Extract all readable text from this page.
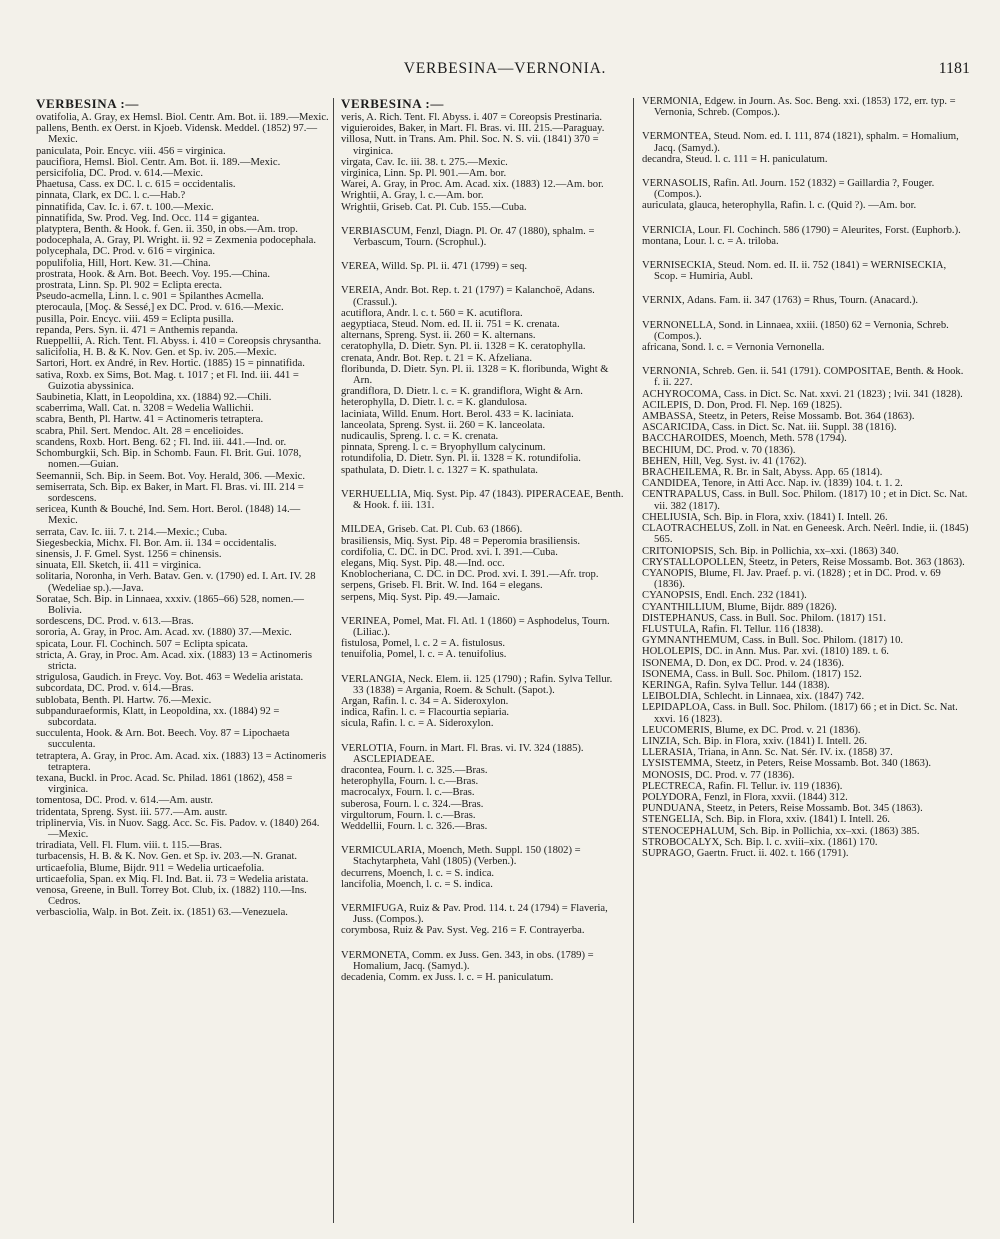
VERBESINA—VERNONIA.	1181
VERBESINA :—
ovatifolia, A. Gray, ex Hemsl. Biol. Centr. Am. Bot. ii. 189.—Mexic.
pallens, Benth. ex Oerst. in Kjoeb. Vidensk. Meddel. (1852) 97.—Mexic.
paniculata, Poir. Encyc. viii. 456 = virginica.
paucifiora, Hemsl. Biol. Centr. Am. Bot. ii. 189.—Mexic.
persicifolia, DC. Prod. v. 614.—Mexic.
Phaetusa, Cass. ex DC. l. c. 615 = occidentalis.
pinnata, Clark, ex DC. l. c.—Hab.?
pinnatifida, Cav. Ic. i. 67. t. 100.—Mexic.
pinnatifida, Sw. Prod. Veg. Ind. Occ. 114 = gigantea.
platyptera, Benth. & Hook. f. Gen. ii. 350, in obs.—Am. trop.
podocephala, A. Gray, Pl. Wright. ii. 92 = Zexmenia podocephala.
polycephala, DC. Prod. v. 616 = virginica.
populifolia, Hill, Hort. Kew. 31.—China.
prostrata, Hook. & Arn. Bot. Beech. Voy. 195.—China.
prostrata, Linn. Sp. Pl. 902 = Eclipta erecta.
Pseudo-acmella, Linn. l. c. 901 = Spilanthes Acmella.
pterocaula, [Moç. & Sessé,] ex DC. Prod. v. 616.—Mexic.
pusilla, Poir. Encyc. viii. 459 = Eclipta pusilla.
repanda, Pers. Syn. ii. 471 = Anthemis repanda.
Rueppellii, A. Rich. Tent. Fl. Abyss. i. 410 = Coreopsis chrysantha.
salicifolia, H. B. & K. Nov. Gen. et Sp. iv. 205.—Mexic.
Sartori, Hort. ex André, in Rev. Hortic. (1885) 15 = pinnatifida.
sativa, Roxb. ex Sims, Bot. Mag. t. 1017 ; et Fl. Ind. iii. 441 = Guizotia abyssinica.
Saubinetia, Klatt, in Leopoldina, xx. (1884) 92.—Chili.
scaberrima, Wall. Cat. n. 3208 = Wedelia Wallichii.
scabra, Benth, Pl. Hartw. 41 = Actinomeris tetraptera.
scabra, Phil. Sert. Mendoc. Alt. 28 = encelioides.
scandens, Roxb. Hort. Beng. 62 ; Fl. Ind. iii. 441.—Ind. or.
Schomburgkii, Sch. Bip. in Schomb. Faun. Fl. Brit. Gui. 1078, nomen.—Guian.
Seemannii, Sch. Bip. in Seem. Bot. Voy. Herald, 306. —Mexic.
semiserrata, Sch. Bip. ex Baker, in Mart. Fl. Bras. vi. III. 214 = sordescens.
sericea, Kunth & Bouché, Ind. Sem. Hort. Berol. (1848) 14.—Mexic.
serrata, Cav. Ic. iii. 7. t. 214.—Mexic.; Cuba.
Siegesbeckia, Michx. Fl. Bor. Am. ii. 134 = occidentalis.
sinensis, J. F. Gmel. Syst. 1256 = chinensis.
sinuata, Ell. Sketch, ii. 411 = virginica.
solitaria, Noronha, in Verh. Batav. Gen. v. (1790) ed. I. Art. IV. 28 (Wedeliae sp.).—Java.
Soratae, Sch. Bip. in Linnaea, xxxiv. (1865–66) 528, nomen.—Bolivia.
sordescens, DC. Prod. v. 613.—Bras.
sororia, A. Gray, in Proc. Am. Acad. xv. (1880) 37.—Mexic.
spicata, Lour. Fl. Cochinch. 507 = Eclipta spicata.
stricta, A. Gray, in Proc. Am. Acad. xix. (1883) 13 = Actinomeris stricta.
strigulosa, Gaudich. in Freyc. Voy. Bot. 463 = Wedelia aristata.
subcordata, DC. Prod. v. 614.—Bras.
sublobata, Benth. Pl. Hartw. 76.—Mexic.
subpanduraeformis, Klatt, in Leopoldina, xx. (1884) 92 = subcordata.
succulenta, Hook. & Arn. Bot. Beech. Voy. 87 = Lipochaeta succulenta.
tetraptera, A. Gray, in Proc. Am. Acad. xix. (1883) 13 = Actinomeris tetraptera.
texana, Buckl. in Proc. Acad. Sc. Philad. 1861 (1862), 458 = virginica.
tomentosa, DC. Prod. v. 614.—Am. austr.
tridentata, Spreng. Syst. iii. 577.—Am. austr.
triplinervia, Vis. in Nuov. Sagg. Acc. Sc. Fis. Padov. v. (1840) 264.—Mexic.
triradiata, Vell. Fl. Flum. viii. t. 115.—Bras.
turbacensis, H. B. & K. Nov. Gen. et Sp. iv. 203.—N. Granat.
urticaefolia, Blume, Bijdr. 911 = Wedelia urticaefolia.
urticaefolia, Span. ex Miq. Fl. Ind. Bat. ii. 73 = Wedelia aristata.
venosa, Greene, in Bull. Torrey Bot. Club, ix. (1882) 110.—Ins. Cedros.
verbasciolia, Walp. in Bot. Zeit. ix. (1851) 63.—Venezuela.
VERBESINA :—
veris, A. Rich. Tent. Fl. Abyss. i. 407 = Coreopsis Prestinaria.
viguieroides, Baker, in Mart. Fl. Bras. vi. III. 215.—Paraguay.
villosa, Nutt. in Trans. Am. Phil. Soc. N. S. vii. (1841) 370 = virginica.
virgata, Cav. Ic. iii. 38. t. 275.—Mexic.
virginica, Linn. Sp. Pl. 901.—Am. bor.
Warei, A. Gray, in Proc. Am. Acad. xix. (1883) 12.—Am. bor.
Wrightii, A. Gray, l. c.—Am. bor.
Wrightii, Griseb. Cat. Pl. Cub. 155.—Cuba.
VERBIASCUM, Fenzl, Diagn. Pl. Or. 47 (1880), sphalm. = Verbascum, Tourn. (Scrophul.).
VEREA, Willd. Sp. Pl. ii. 471 (1799) = seq.
VEREIA, Andr. Bot. Rep. t. 21 (1797) = Kalanchoë, Adans. (Crassul.).
acutiflora, Andr. l. c. t. 560 = K. acutiflora.
aegyptiaca, Steud. Nom. ed. II. ii. 751 = K. crenata.
alternans, Spreng. Syst. ii. 260 = K. alternans.
ceratophylla, D. Dietr. Syn. Pl. ii. 1328 = K. ceratophylla.
crenata, Andr. Bot. Rep. t. 21 = K. Afzeliana.
floribunda, D. Dietr. Syn. Pl. ii. 1328 = K. floribunda, Wight & Arn.
grandiflora, D. Dietr. l. c. = K. grandiflora, Wight & Arn.
heterophylla, D. Dietr. l. c. = K. glandulosa.
laciniata, Willd. Enum. Hort. Berol. 433 = K. laciniata.
lanceolata, Spreng. Syst. ii. 260 = K. lanceolata.
nudicaulis, Spreng. l. c. = K. crenata.
pinnata, Spreng. l. c. = Bryophyllum calycinum.
rotundifolia, D. Dietr. Syn. Pl. ii. 1328 = K. rotundifolia.
spathulata, D. Dietr. l. c. 1327 = K. spathulata.
VERHUELLIA, Miq. Syst. Pip. 47 (1843). PIPERACEAE, Benth. & Hook. f. iii. 131.
MILDEA, Griseb. Cat. Pl. Cub. 63 (1866).
brasiliensis, Miq. Syst. Pip. 48 = Peperomia brasiliensis.
cordifolia, C. DC. in DC. Prod. xvi. I. 391.—Cuba.
elegans, Miq. Syst. Pip. 48.—Ind. occ.
Knoblocheriana, C. DC. in DC. Prod. xvi. I. 391.—Afr. trop.
serpens, Griseb. Fl. Brit. W. Ind. 164 = elegans.
serpens, Miq. Syst. Pip. 49.—Jamaic.
VERINEA, Pomel, Mat. Fl. Atl. 1 (1860) = Asphodelus, Tourn. (Liliac.).
fistulosa, Pomel, l. c. 2 = A. fistulosus.
tenuifolia, Pomel, l. c. = A. tenuifolius.
VERLANGIA, Neck. Elem. ii. 125 (1790) ; Rafin. Sylva Tellur. 33 (1838) = Argania, Roem. & Schult. (Sapot.).
Argan, Rafin. l. c. 34 = A. Sideroxylon.
indica, Rafin. l. c. = Flacourtia sepiaria.
sicula, Rafin. l. c. = A. Sideroxylon.
VERLOTIA, Fourn. in Mart. Fl. Bras. vi. IV. 324 (1885). ASCLEPIADEAE.
dracontea, Fourn. l. c. 325.—Bras.
heterophylla, Fourn. l. c.—Bras.
macrocalyx, Fourn. l. c.—Bras.
suberosa, Fourn. l. c. 324.—Bras.
virgultorum, Fourn. l. c.—Bras.
Weddellii, Fourn. l. c. 326.—Bras.
VERMICULARIA, Moench, Meth. Suppl. 150 (1802) = Stachytarpheta, Vahl (1805) (Verben.).
decurrens, Moench, l. c. = S. indica.
lancifolia, Moench, l. c. = S. indica.
VERMIFUGA, Ruiz & Pav. Prod. 114. t. 24 (1794) = Flaveria, Juss. (Compos.).
corymbosa, Ruiz & Pav. Syst. Veg. 216 = F. Contrayerba.
VERMONETA, Comm. ex Juss. Gen. 343, in obs. (1789) = Homalium, Jacq. (Samyd.).
decadenia, Comm. ex Juss. l. c. = H. paniculatum.
VERMONIA, Edgew. in Journ. As. Soc. Beng. xxi. (1853) 172, err. typ. = Vernonia, Schreb. (Compos.).
VERMONTEA, Steud. Nom. ed. I. 111, 874 (1821), sphalm. = Homalium, Jacq. (Samyd.).
decandra, Steud. l. c. 111 = H. paniculatum.
VERNASOLIS, Rafin. Atl. Journ. 152 (1832) = Gaillardia ?, Fouger. (Compos.).
auriculata, glauca, heterophylla, Rafin. l. c. (Quid ?). —Am. bor.
VERNICIA, Lour. Fl. Cochinch. 586 (1790) = Aleurites, Forst. (Euphorb.).
montana, Lour. l. c. = A. triloba.
VERNISECKIA, Steud. Nom. ed. II. ii. 752 (1841) = WERNISECKIA, Scop. = Humiria, Aubl.
VERNIX, Adans. Fam. ii. 347 (1763) = Rhus, Tourn. (Anacard.).
VERNONELLA, Sond. in Linnaea, xxiii. (1850) 62 = Vernonia, Schreb. (Compos.).
africana, Sond. l. c. = Vernonia Vernonella.
VERNONIA, Schreb. Gen. ii. 541 (1791). COMPOSITAE, Benth. & Hook. f. ii. 227.
ACHYROCOMA, Cass. in Dict. Sc. Nat. xxvi. 21 (1823) ; lvii. 341 (1828).
ACILEPIS, D. Don, Prod. Fl. Nep. 169 (1825).
AMBASSA, Steetz, in Peters, Reise Mossamb. Bot. 364 (1863).
ASCARICIDA, Cass. in Dict. Sc. Nat. iii. Suppl. 38 (1816).
BACCHAROIDES, Moench, Meth. 578 (1794).
BECHIUM, DC. Prod. v. 70 (1836).
BEHEN, Hill, Veg. Syst. iv. 41 (1762).
BRACHEILEMA, R. Br. in Salt, Abyss. App. 65 (1814).
CANDIDEA, Tenore, in Atti Acc. Nap. iv. (1839) 104. t. 1. 2.
CENTRAPALUS, Cass. in Bull. Soc. Philom. (1817) 10 ; et in Dict. Sc. Nat. vii. 382 (1817).
CHELIUSIA, Sch. Bip. in Flora, xxiv. (1841) I. Intell. 26.
CLAOTRACHELUS, Zoll. in Nat. en Geneesk. Arch. Neêrl. Indie, ii. (1845) 565.
CRITONIOPSIS, Sch. Bip. in Pollichia, xx–xxi. (1863) 340.
CRYSTALLOPOLLEN, Steetz, in Peters, Reise Mossamb. Bot. 363 (1863).
CYANOPIS, Blume, Fl. Jav. Praef. p. vi. (1828) ; et in DC. Prod. v. 69 (1836).
CYANOPSIS, Endl. Ench. 232 (1841).
CYANTHILLIUM, Blume, Bijdr. 889 (1826).
DISTEPHANUS, Cass. in Bull. Soc. Philom. (1817) 151.
FLUSTULA, Rafin. Fl. Tellur. 116 (1838).
GYMNANTHEMUM, Cass. in Bull. Soc. Philom. (1817) 10.
HOLOLEPIS, DC. in Ann. Mus. Par. xvi. (1810) 189. t. 6.
ISONEMA, D. Don, ex DC. Prod. v. 24 (1836).
ISONEMA, Cass. in Bull. Soc. Philom. (1817) 152.
KERINGA, Rafin. Sylva Tellur. 144 (1838).
LEIBOLDIA, Schlecht. in Linnaea, xix. (1847) 742.
LEPIDAPLOA, Cass. in Bull. Soc. Philom. (1817) 66 ; et in Dict. Sc. Nat. xxvi. 16 (1823).
LEUCOMERIS, Blume, ex DC. Prod. v. 21 (1836).
LINZIA, Sch. Bip. in Flora, xxiv. (1841) I. Intell. 26.
LLERASIA, Triana, in Ann. Sc. Nat. Sér. IV. ix. (1858) 37.
LYSISTEMMA, Steetz, in Peters, Reise Mossamb. Bot. 340 (1863).
MONOSIS, DC. Prod. v. 77 (1836).
PLECTRECA, Rafin. Fl. Tellur. iv. 119 (1836).
POLYDORA, Fenzl, in Flora, xxvii. (1844) 312.
PUNDUANA, Steetz, in Peters, Reise Mossamb. Bot. 345 (1863).
STENGELIA, Sch. Bip. in Flora, xxiv. (1841) I. Intell. 26.
STENOCEPHALUM, Sch. Bip. in Pollichia, xx–xxi. (1863) 385.
STROBOCALYX, Sch. Bip. l. c. xviii–xix. (1861) 170.
SUPRAGO, Gaertn. Fruct. ii. 402. t. 166 (1791).
